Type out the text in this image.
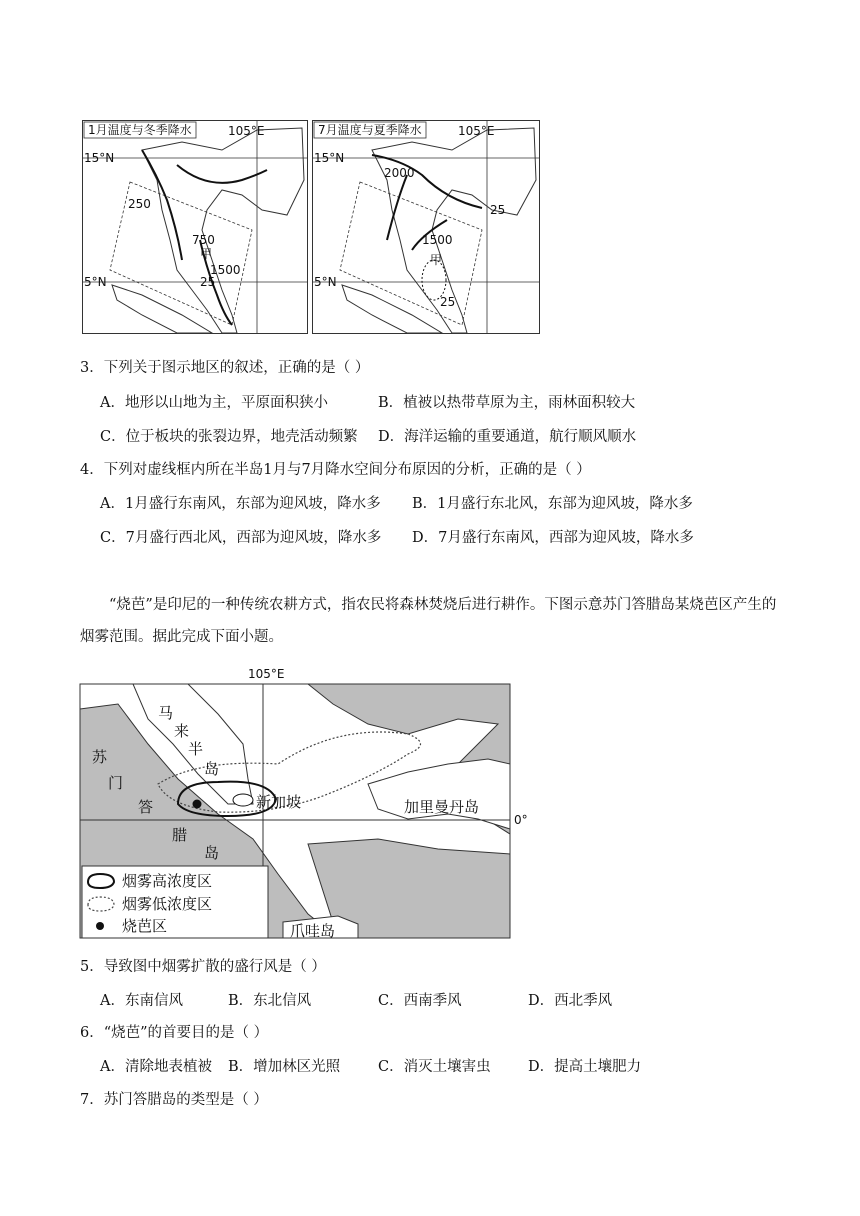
1月温度与冬季降水	105°E
15°N
5°N
250
750
甲
1500
25
7月温度与夏季降水	105°E
15°N
5°N
2000
25
1500
甲
25
3．下列关于图示地区的叙述，正确的是（ ）
A．地形以山地为主，平原面积狭小	B．植被以热带草原为主，雨林面积较大
C．位于板块的张裂边界，地壳活动频繁 D．海洋运输的重要通道，航行顺风顺水
4．下列对虚线框内所在半岛1月与7月降水空间分布原因的分析，正确的是（ ）
A．1月盛行东南风，东部为迎风坡，降水多 B．1月盛行东北风，东部为迎风坡，降水多
C．7月盛行西北风，西部为迎风坡，降水多 D．7月盛行东南风，西部为迎风坡，降水多
“烧芭”是印尼的一种传统农耕方式，指农民将森林焚烧后进行耕作。下图示意苏门答腊岛某烧芭区产生的烟雾范围。据此完成下面小题。
105°E
0°
马
来
半
岛
苏
门
答
腊
岛
新加坡	加里曼丹岛
爪哇岛
烟雾高浓度区
烟雾低浓度区
烧芭区
5．导致图中烟雾扩散的盛行风是（ ）
A．东南信风	B．东北信风	C．西南季风	D．西北季风
6．“烧芭”的首要目的是（ ）
A．清除地表植被 B．增加林区光照	C．消灭土壤害虫	D．提高土壤肥力
7．苏门答腊岛的类型是（ ）
